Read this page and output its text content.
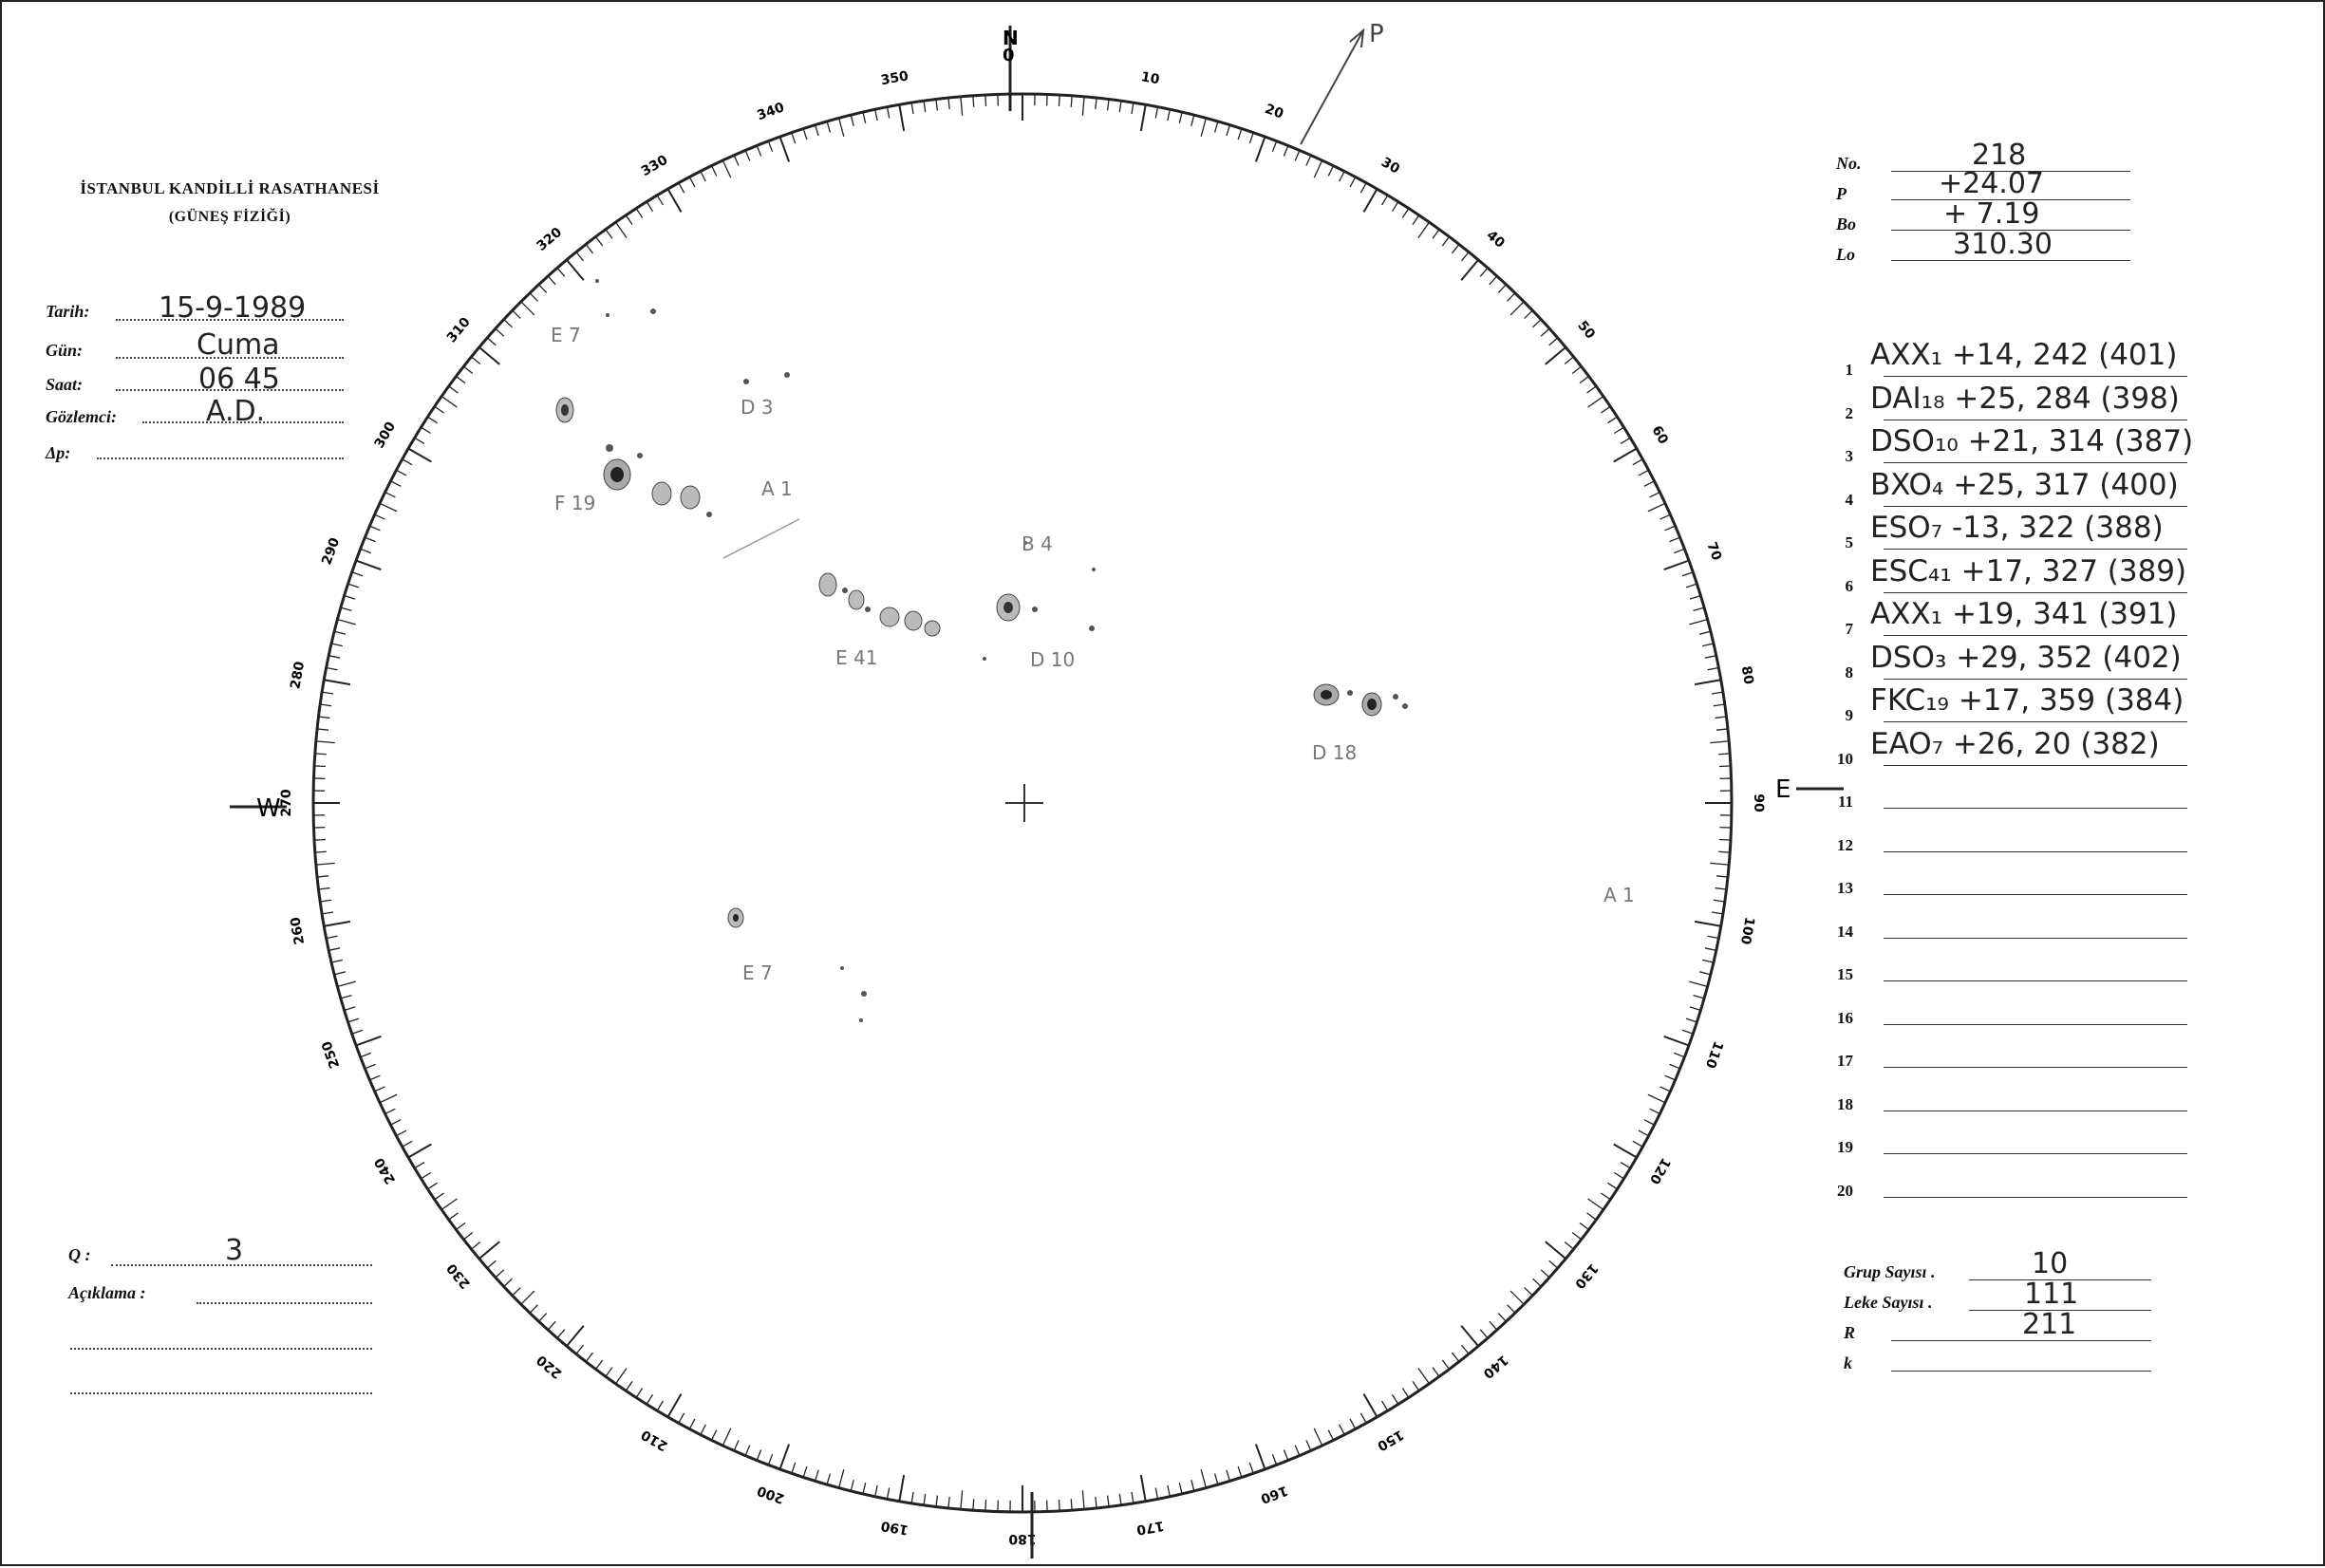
İSTANBUL KANDİLLİ RASATHANESİ
(GÜNEŞ FİZİĞİ)
Tarih: 15-9-1989
Gün:	Cuma
Saat:	06 45
Gözlemci:	A.D.
Δp:
No.	218
P	+24.07
Bo	+ 7.19
Lo	310.30
1 AXX₁ +14, 242 (401)
2 DAI₁₈ +25, 284 (398)
3 DSO₁₀ +21, 314 (387)
4 BXO₄ +25, 317 (400)
5 ESO₇ -13, 322 (388)
6 ESC₄₁ +17, 327 (389)
7 AXX₁ +19, 341 (391)
8 DSO₃ +29, 352 (402)
9 FKC₁₉ +17, 359 (384)
10 EAO₇ +26, 20 (382)
11
12
13
14
15
16
17
18
19
20
Q :	3
Açıklama :
Grup Sayısı .	10
Leke Sayısı .	111
R	211
k
10
20
30
40
50
60
70
80
90
100
110
120
130
140
150
160
170
180
190
200
210
220
230
240
250
260
270
280
290
300
310
320
330
340
350
N
0
E
W
P
E 7
D 3
F 19
A 1
B 4
E 41	D 10
D 18
E 7
A 1
